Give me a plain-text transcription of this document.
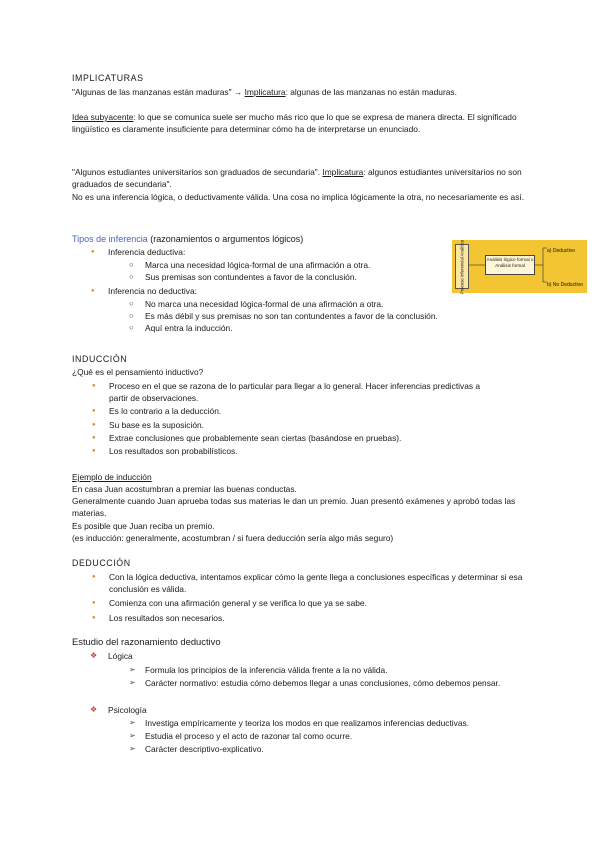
IMPLICATURAS

"Algunas de las manzanas están maduras" → Implicatura: algunas de las manzanas no están maduras.

Idea subyacente: lo que se comunica suele ser mucho más rico que lo que se expresa de manera directa. El significado lingüístico es claramente insuficiente para determinar cómo ha de interpretarse un enunciado.

"Algunos estudiantes universitarios son graduados de secundaria". Implicatura: algunos estudiantes universitarios no son graduados de secundaria".

No es una inferencia lógica, o deductivamente válida. Una cosa no implica lógicamente la otra, no necesariamente es así.

Tipos de inferencia (razonamientos o argumentos lógicos)
● Inferencia deductiva:
○ Marca una necesidad lógica-formal de una afirmación a otra.
○ Sus premisas son contundentes a favor de la conclusión.
● Inferencia no deductiva:
○ No marca una necesidad lógica-formal de una afirmación a otra.
○ Es más débil y sus premisas no son tan contundentes a favor de la conclusión.
○ Aquí entra la inducción.
Proceso Inferencial Analítico	Análisis lógico formal o Análisis formal
a) Deductivo
b) No Deductivo
INDUCCIÓN
¿Qué es el pensamiento inductivo?
● Proceso en el que se razona de lo particular para llegar a lo general. Hacer inferencias predictivas a partir de observaciones.
● Es lo contrario a la deducción.
● Su base es la suposición.
● Extrae conclusiones que probablemente sean ciertas (basándose en pruebas).
● Los resultados son probabilísticos.
Ejemplo de inducción
En casa Juan acostumbran a premiar las buenas conductas.
Generalmente cuando Juan aprueba todas sus materias le dan un premio. Juan presentó exámenes y aprobó todas las materias.
Es posible que Juan reciba un premio.
(es inducción: generalmente, acostumbran / si fuera deducción sería algo más seguro)
DEDUCCIÓN
● Con la lógica deductiva, intentamos explicar cómo la gente llega a conclusiones específicas y determinar si esa conclusión es válida.
● Comienza con una afirmación general y se verifica lo que ya se sabe.
● Los resultados son necesarios.
Estudio del razonamiento deductivo
❖ Lógica
➢ Formula los principios de la inferencia válida frente a la no válida.
➢ Carácter normativo: estudia cómo debemos llegar a unas conclusiones, cómo debemos pensar.
❖ Psicología
➢ Investiga empíricamente y teoriza los modos en que realizamos inferencias deductivas.
➢ Estudia el proceso y el acto de razonar tal como ocurre.
➢ Carácter descriptivo-explicativo.
